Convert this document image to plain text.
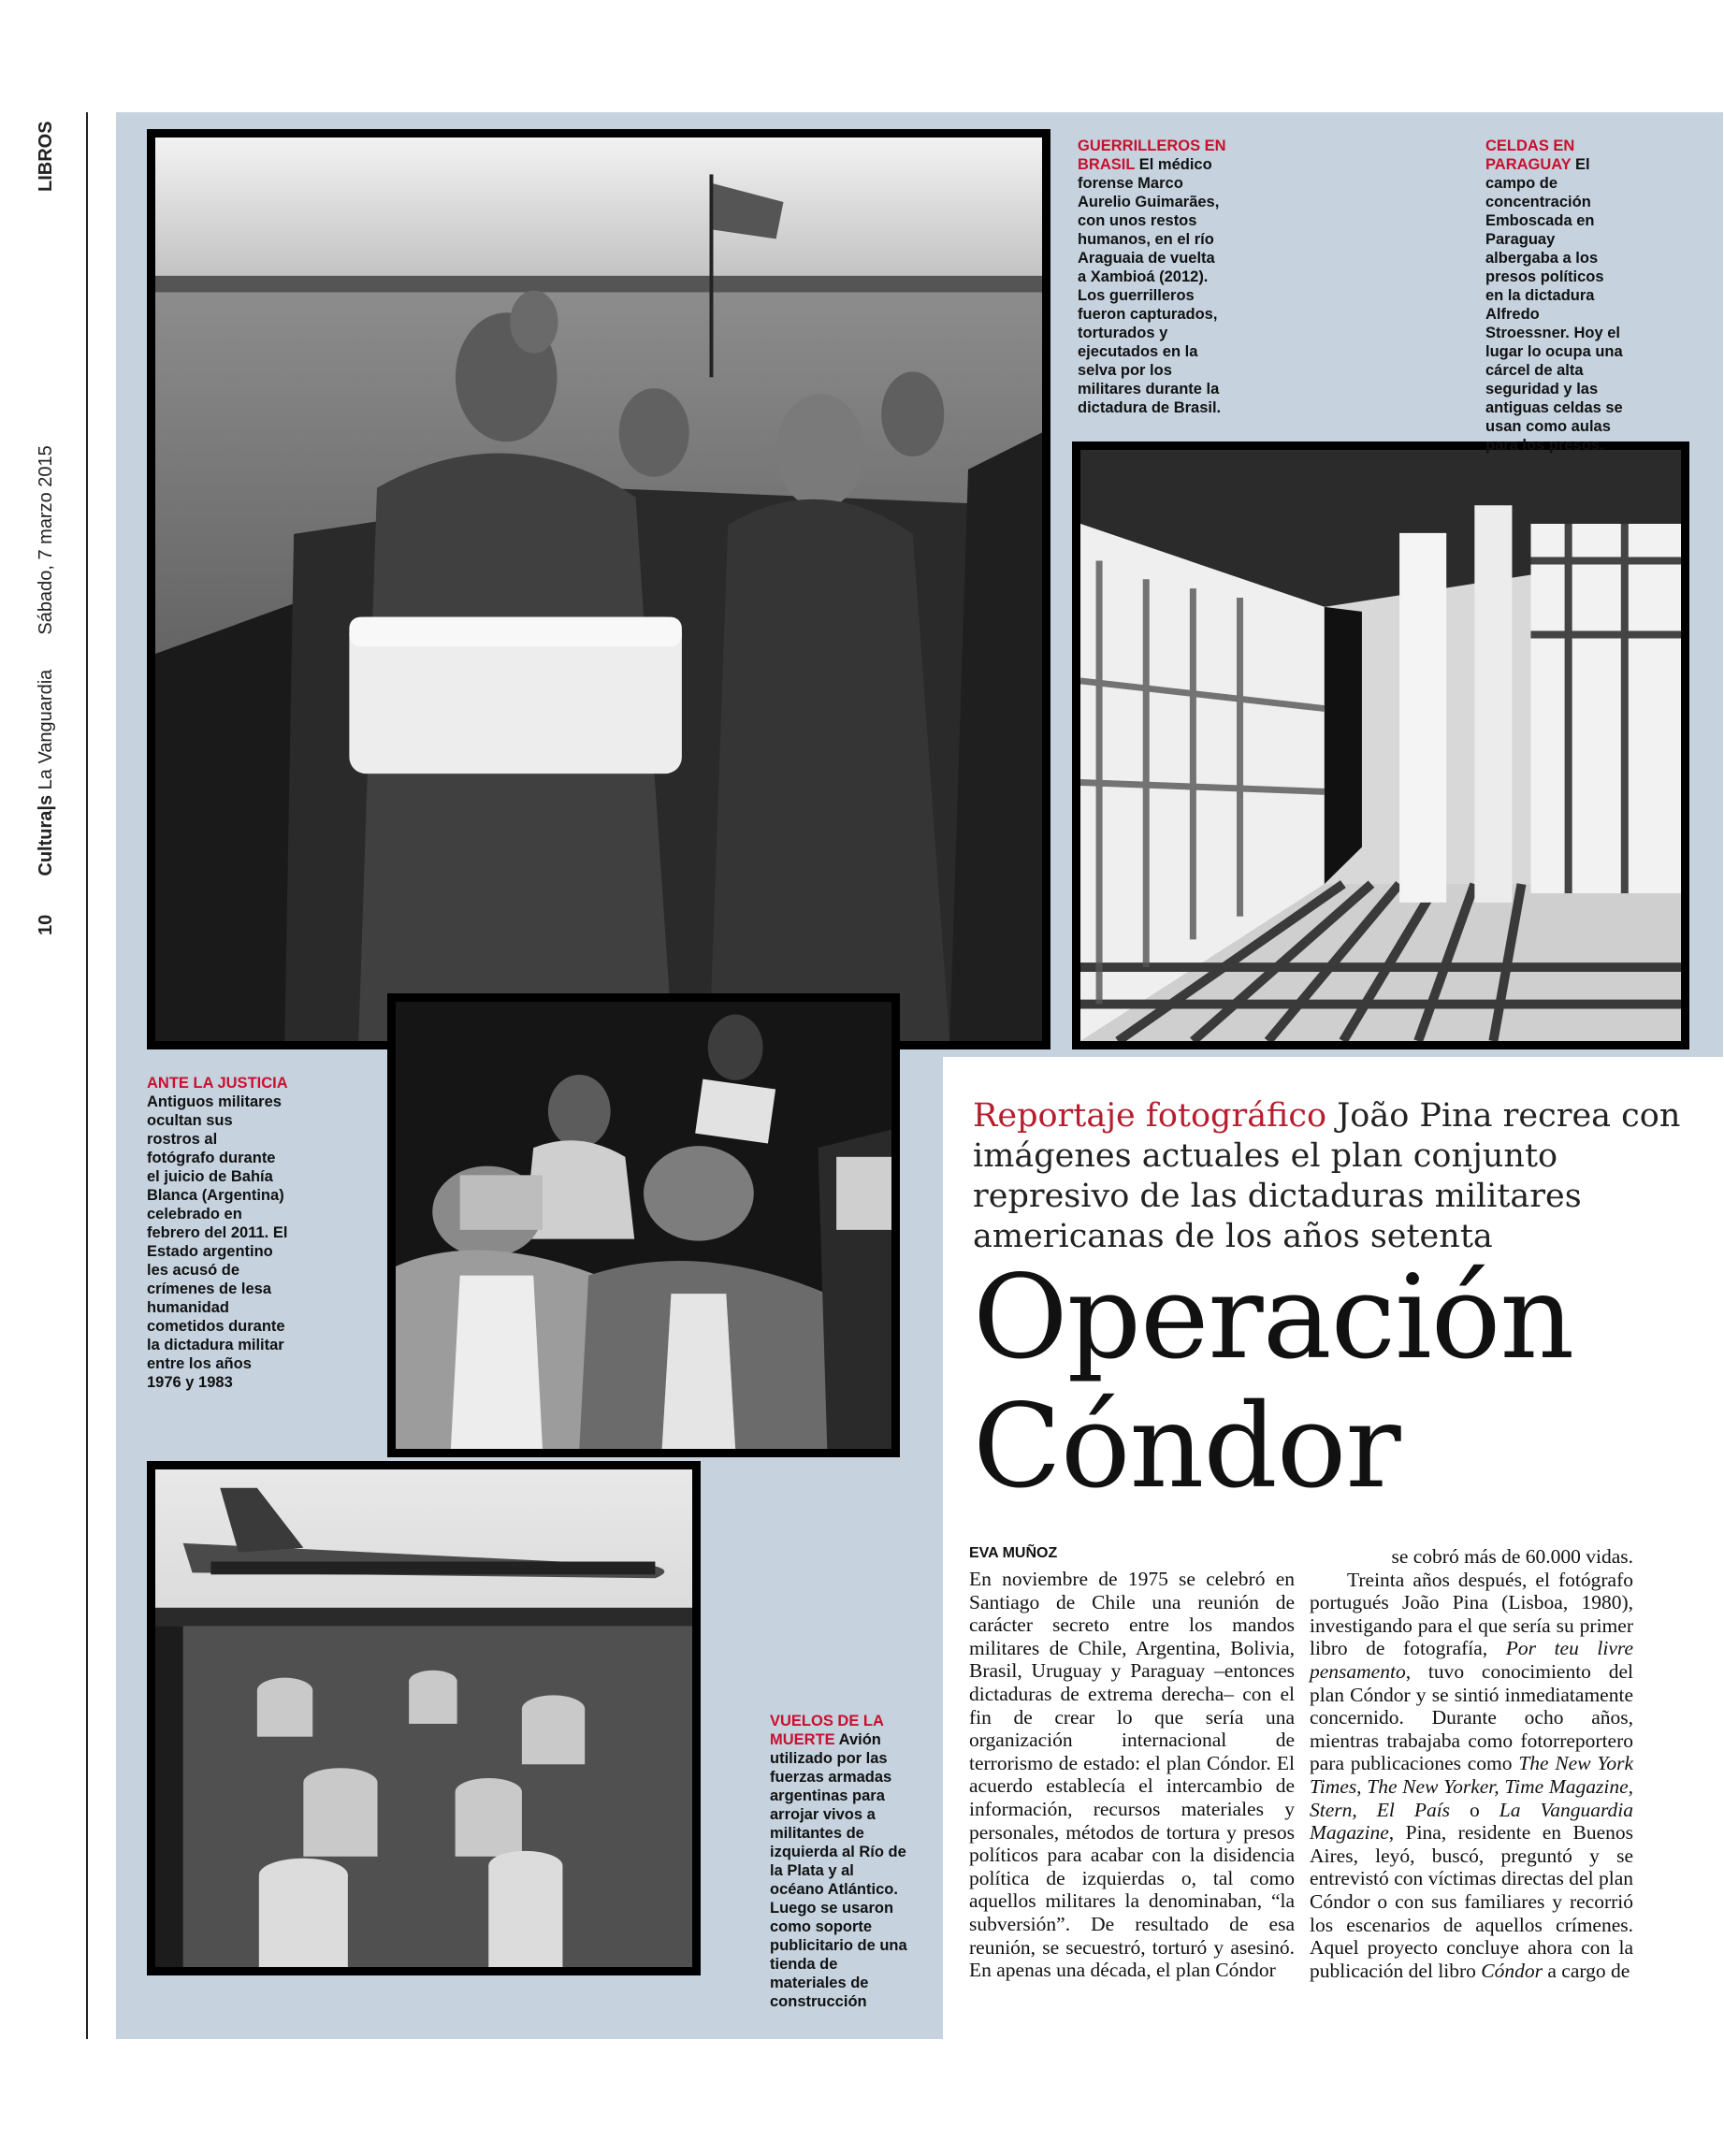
10  Cultura|s La Vanguardia  Sábado, 7 marzo 2015
LIBROS	GUERRILLEROS EN BRASIL El médico forense Marco Aurelio Guimarães, con unos restos humanos, en el río Araguaia de vuelta a Xambioá (2012). Los guerrilleros fueron capturados, torturados y ejecutados en la selva por los militares durante la dictadura de Brasil.
CELDAS EN PARAGUAY El campo de concentración Emboscada en Paraguay albergaba a los presos políticos en la dictadura Alfredo Stroessner. Hoy el lugar lo ocupa una cárcel de alta seguridad y las antiguas celdas se usan como aulas para los presos.
ANTE LA JUSTICIA
Antiguos militares ocultan sus rostros al fotógrafo durante el juicio de Bahía Blanca (Argentina) celebrado en febrero del 2011. El Estado argentino les acusó de crímenes de lesa humanidad cometidos durante la dictadura militar entre los años 1976 y 1983
VUELOS DE LA MUERTE Avión utilizado por las fuerzas armadas argentinas para arrojar vivos a militantes de izquierda al Río de la Plata y al océano Atlántico. Luego se usaron como soporte publicitario de una tienda de materiales de construcción
Reportaje fotográfico João Pina recrea con imágenes actuales el plan conjunto represivo de las dictaduras militares americanas de los años setenta
Operación
Cóndor
EVA MUÑOZ
En noviembre de 1975 se celebró en Santiago de Chile una reunión de carácter secreto entre los mandos militares de Chile, Argentina, Bolivia, Brasil, Uruguay y Paraguay –entonces dictaduras de extrema derecha– con el fin de crear lo que sería una organización internacional de terrorismo de estado: el plan Cóndor. El acuerdo establecía el intercambio de información, recursos materiales y personales, métodos de tortura y presos políticos para acabar con la disidencia política de izquierdas o, tal como aquellos militares la denominaban, “la subversión”. De resultado de esa reunión, se secuestró, torturó y asesinó. En apenas una década, el plan Cóndor
se cobró más de 60.000 vidas.
Treinta años después, el fotógrafo portugués João Pina (Lisboa, 1980), investigando para el que sería su primer libro de fotografía, Por teu livre pensamento, tuvo conocimiento del plan Cóndor y se sintió inmediatamente concernido. Durante ocho años, mientras trabajaba como fotorreportero para publicaciones como The New York Times, The New Yorker, Time Magazine, Stern, El País o La Vanguardia Magazine, Pina, residente en Buenos Aires, leyó, buscó, preguntó y se entrevistó con víctimas directas del plan Cóndor o con sus familiares y recorrió los escenarios de aquellos crímenes. Aquel proyecto concluye ahora con la publicación del libro Cóndor a cargo de
